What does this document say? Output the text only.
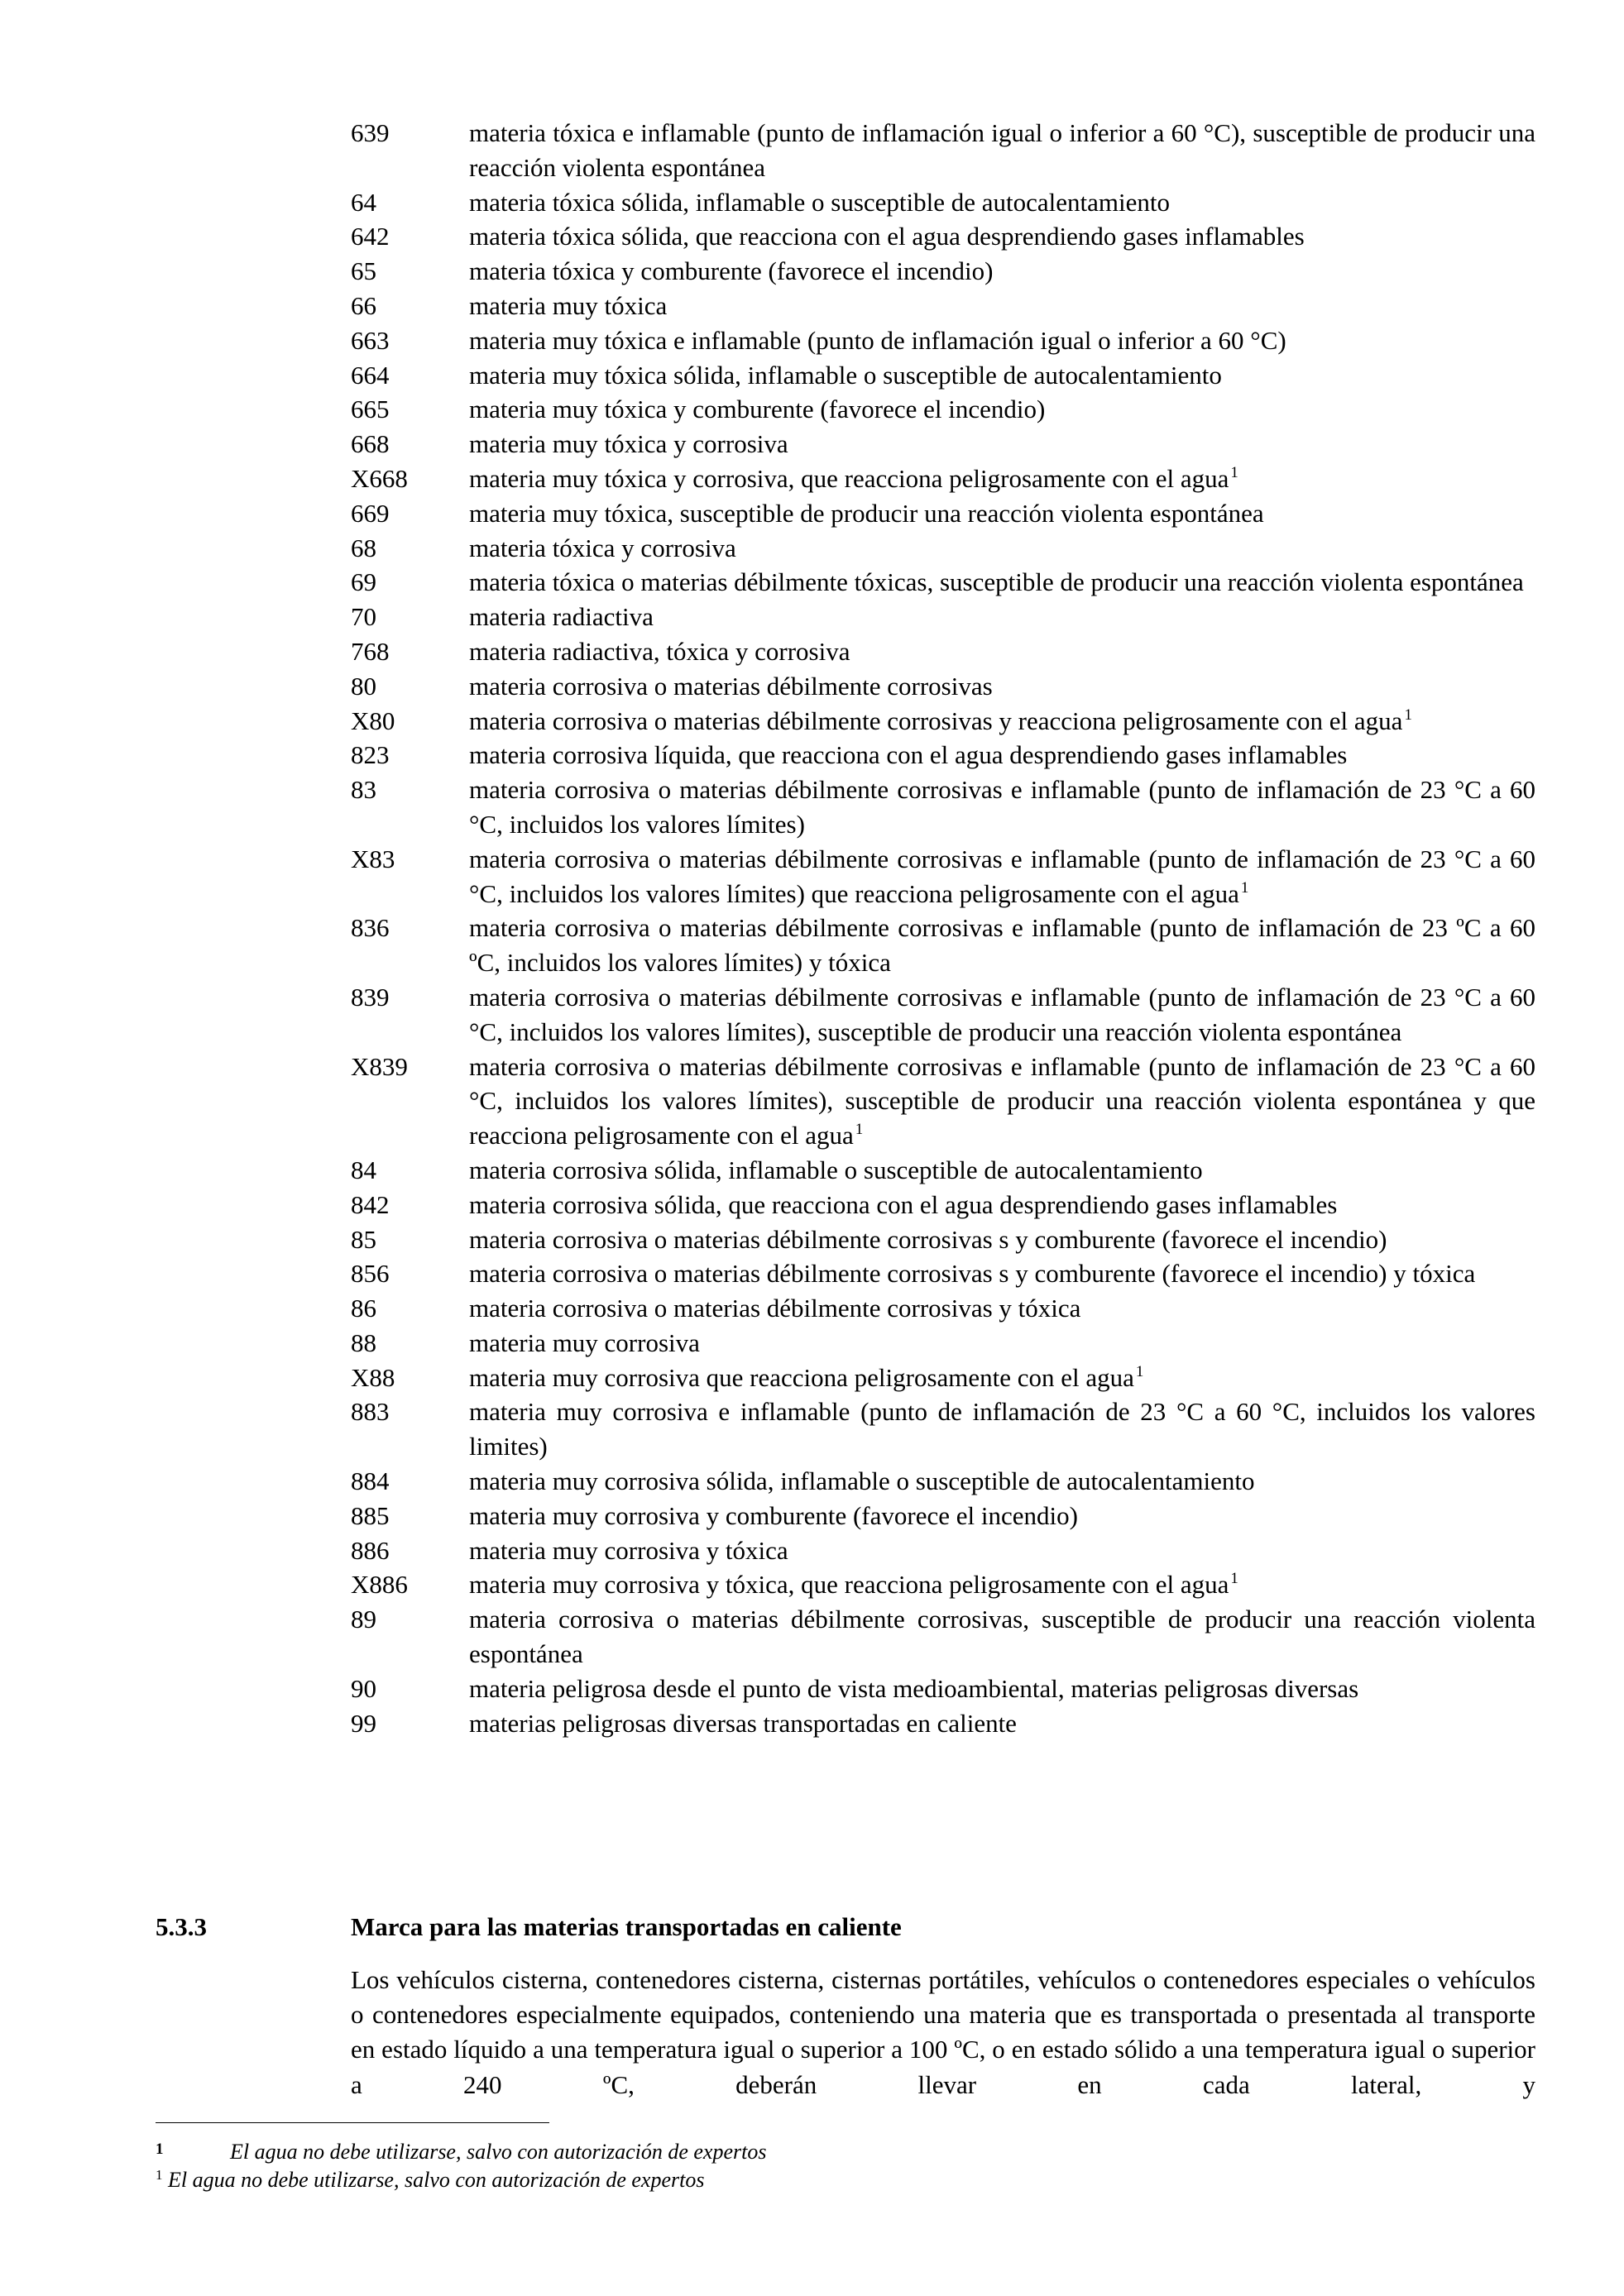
639	materia tóxica e inflamable (punto de inflamación igual o inferior a 60 °C), susceptible de producir una reacción violenta espontánea
64	materia tóxica sólida, inflamable o susceptible de autocalentamiento
642	materia tóxica sólida, que reacciona con el agua desprendiendo gases inflamables
65	materia tóxica y comburente (favorece el incendio)
66	materia muy tóxica
663	materia muy tóxica e inflamable (punto de inflamación igual o inferior a 60 °C)
664	materia muy tóxica sólida, inflamable o susceptible de autocalentamiento
665	materia muy tóxica y comburente (favorece el incendio)
668	materia muy tóxica y corrosiva
X668	materia muy tóxica y corrosiva, que reacciona peligrosamente con el agua $^1$
669	materia muy tóxica, susceptible de producir una reacción violenta espontánea
68	materia tóxica y corrosiva
69	materia tóxica o materias débilmente tóxicas, susceptible de producir una reacción violenta espontánea
70	materia radiactiva
768	materia radiactiva, tóxica y corrosiva
80	materia corrosiva o materias débilmente corrosivas
X80	materia corrosiva o materias débilmente corrosivas y reacciona peligrosamente con el agua $^1$
823	materia corrosiva líquida, que reacciona con el agua desprendiendo gases inflamables
83	materia corrosiva o materias débilmente corrosivas e inflamable (punto de inflamación de 23 °C a 60 °C, incluidos los valores límites)
X83	materia corrosiva o materias débilmente corrosivas e inflamable (punto de inflamación de 23 °C a 60 °C, incluidos los valores límites) que reacciona peligrosamente con el agua $^1$
836	materia corrosiva o materias débilmente corrosivas e inflamable (punto de inflamación de 23 ºC a 60 ºC, incluidos los valores límites) y tóxica
839	materia corrosiva o materias débilmente corrosivas e inflamable (punto de inflamación de 23 °C a 60 °C, incluidos los valores límites), susceptible de producir una reacción violenta espontánea
X839	materia corrosiva o materias débilmente corrosivas e inflamable (punto de inflamación de 23 °C a 60 °C, incluidos los valores límites), susceptible de producir una reacción violenta espontánea y que reacciona peligrosamente con el agua $^1$
84	materia corrosiva sólida, inflamable o susceptible de autocalentamiento
842	materia corrosiva sólida, que reacciona con el agua desprendiendo gases inflamables
85	materia corrosiva o materias débilmente corrosivas s y comburente (favorece el incendio)
856	materia corrosiva o materias débilmente corrosivas s y comburente (favorece el incendio) y tóxica
86	materia corrosiva o materias débilmente corrosivas y tóxica
88	materia muy corrosiva
X88	materia muy corrosiva que reacciona peligrosamente con el agua $^1$
883	materia muy corrosiva e inflamable (punto de inflamación de 23 °C a 60 °C, incluidos los valores limites)
884	materia muy corrosiva sólida, inflamable o susceptible de autocalentamiento
885	materia muy corrosiva y comburente (favorece el incendio)
886	materia muy corrosiva y tóxica
X886	materia muy corrosiva y tóxica, que reacciona peligrosamente con el agua $^1$
89	materia corrosiva o materias débilmente corrosivas, susceptible de producir una reacción violenta espontánea
90	materia peligrosa desde el punto de vista medioambiental, materias peligrosas diversas
99	materias peligrosas diversas transportadas en caliente
5.3.3	Marca para las materias transportadas en caliente
Los vehículos cisterna, contenedores cisterna, cisternas portátiles, vehículos o contenedores especiales o vehículos o contenedores especialmente equipados, conteniendo una materia que es transportada o presentada al transporte en estado líquido a una temperatura igual o superior a 100 ºC, o en estado sólido a una temperatura igual o superior a 240 ºC, deberán llevar en cada lateral, y
1	El agua no debe utilizarse, salvo con autorización de expertos
$^1$ El agua no debe utilizarse, salvo con autorización de expertos
